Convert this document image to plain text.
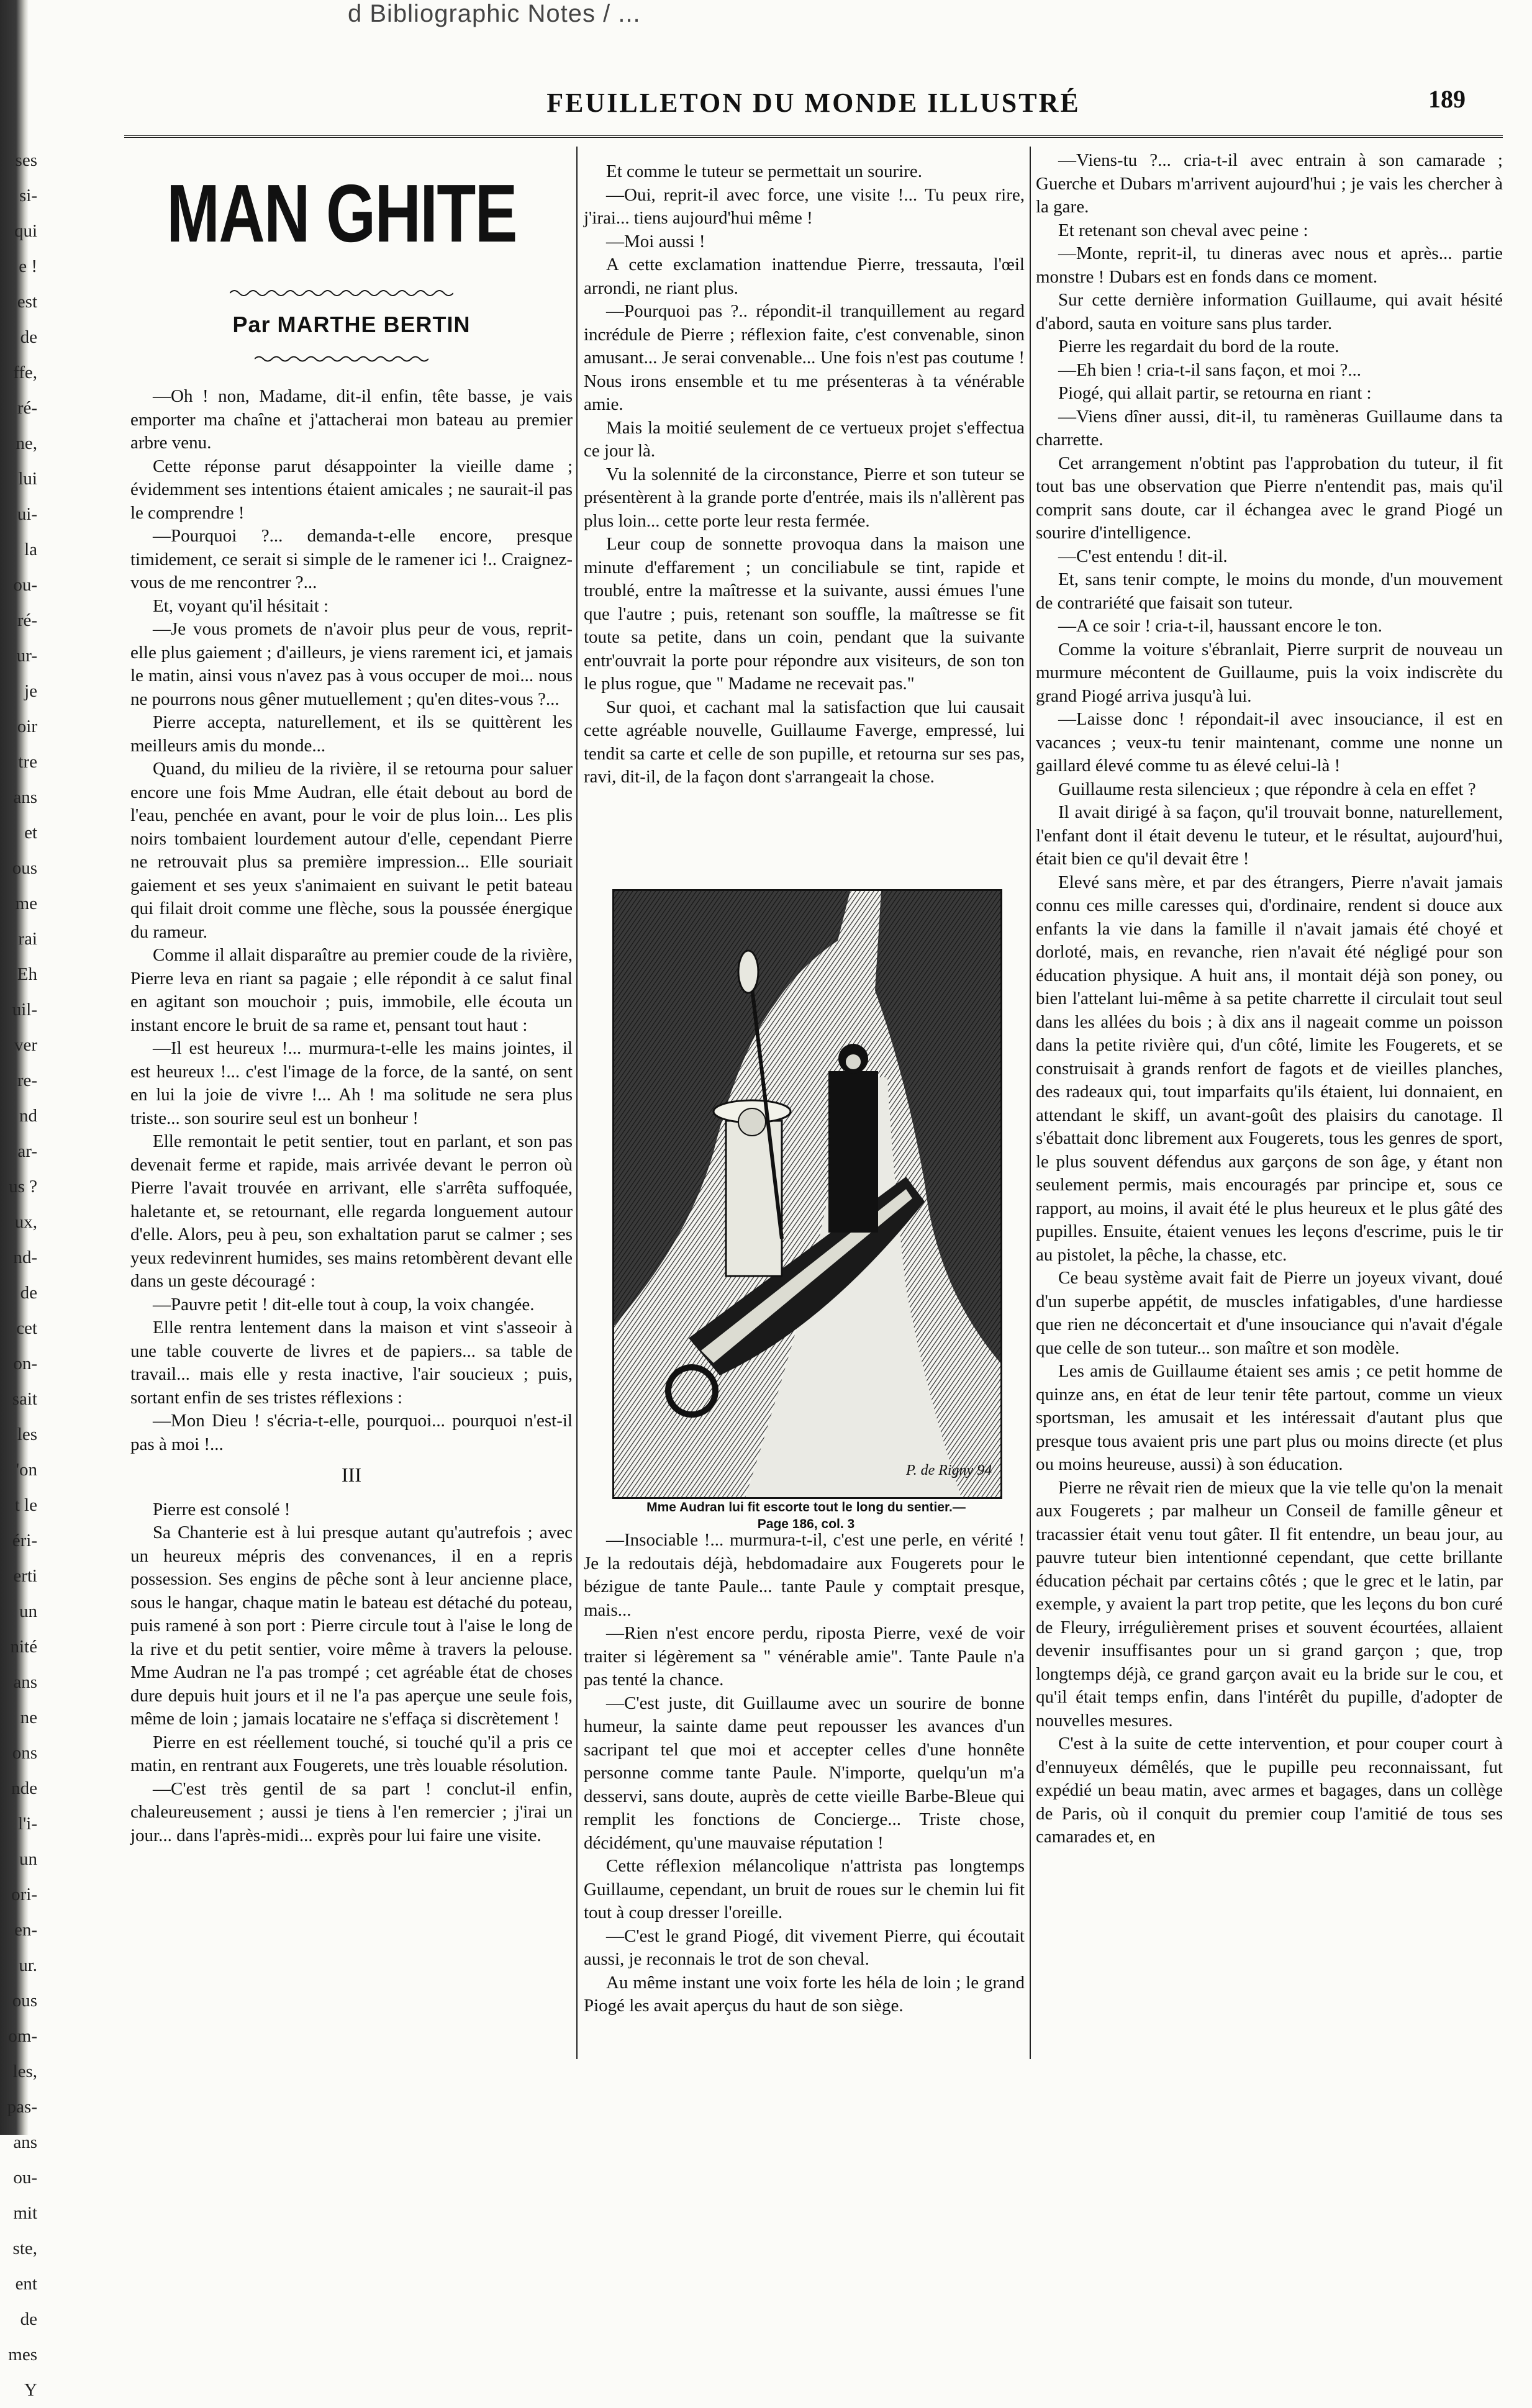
d Bibliographic Notes / ...
ses
si-
qui
e !
est
de
ffe,
ré-
ne,
lui
ui-
la
ou-
ré-
ur-
je
oir
tre
ans
et
ous
me
rai
Eh
uil-
ver
re-
nd
ar-
us ?
ux,
nd-
de
cet
on-
sait
les
'on
t le
éri-
erti
un
nité
ans
ne
ons
nde
l'i-
un
ori-
en-
ur.
ous
om-
les,
pas-
ans
ou-
mit
ste,
ent
de
mes
Y
FEUILLETON DU MONDE ILLUSTRÉ	189
MAN GHITE
Par MARTHE BERTIN

—Oh ! non, Madame, dit-il enfin, tête basse, je vais emporter ma chaîne et j'attacherai mon bateau au premier arbre venu.

Cette réponse parut désappointer la vieille dame ; évidemment ses intentions étaient amicales ; ne saurait-il pas le comprendre !

—Pourquoi ?... demanda-t-elle encore, presque timidement, ce serait si simple de le ramener ici !.. Craignez-vous de me rencontrer ?...

Et, voyant qu'il hésitait :

—Je vous promets de n'avoir plus peur de vous, reprit-elle plus gaiement ; d'ailleurs, je viens rarement ici, et jamais le matin, ainsi vous n'avez pas à vous occuper de moi... nous ne pourrons nous gêner mutuellement ; qu'en dites-vous ?...

Pierre accepta, naturellement, et ils se quittèrent les meilleurs amis du monde...

Quand, du milieu de la rivière, il se retourna pour saluer encore une fois Mme Audran, elle était debout au bord de l'eau, penchée en avant, pour le voir de plus loin... Les plis noirs tombaient lourdement autour d'elle, cependant Pierre ne retrouvait plus sa première impression... Elle souriait gaiement et ses yeux s'animaient en suivant le petit bateau qui filait droit comme une flèche, sous la poussée énergique du rameur.

Comme il allait disparaître au premier coude de la rivière, Pierre leva en riant sa pagaie ; elle répondit à ce salut final en agitant son mouchoir ; puis, immobile, elle écouta un instant encore le bruit de sa rame et, pensant tout haut :

—Il est heureux !... murmura-t-elle les mains jointes, il est heureux !... c'est l'image de la force, de la santé, on sent en lui la joie de vivre !... Ah ! ma solitude ne sera plus triste... son sourire seul est un bonheur !

Elle remontait le petit sentier, tout en parlant, et son pas devenait ferme et rapide, mais arrivée devant le perron où Pierre l'avait trouvée en arrivant, elle s'arrêta suffoquée, haletante et, se retournant, elle regarda longuement autour d'elle. Alors, peu à peu, son exhaltation parut se calmer ; ses yeux redevinrent humides, ses mains retombèrent devant elle dans un geste découragé :

—Pauvre petit ! dit-elle tout à coup, la voix changée.

Elle rentra lentement dans la maison et vint s'asseoir à une table couverte de livres et de papiers... sa table de travail... mais elle y resta inactive, l'air soucieux ; puis, sortant enfin de ses tristes réflexions :

—Mon Dieu ! s'écria-t-elle, pourquoi... pourquoi n'est-il pas à moi !...

III

Pierre est consolé !

Sa Chanterie est à lui presque autant qu'autrefois ; avec un heureux mépris des convenances, il en a repris possession. Ses engins de pêche sont à leur ancienne place, sous le hangar, chaque matin le bateau est détaché du poteau, puis ramené à son port : Pierre circule tout à l'aise le long de la rive et du petit sentier, voire même à travers la pelouse. Mme Audran ne l'a pas trompé ; cet agréable état de choses dure depuis huit jours et il ne l'a pas aperçue une seule fois, même de loin ; jamais locataire ne s'effaça si discrètement !

Pierre en est réellement touché, si touché qu'il a pris ce matin, en rentrant aux Fougerets, une très louable résolution.

—C'est très gentil de sa part ! conclut-il enfin, chaleureusement ; aussi je tiens à l'en remercier ; j'irai un jour... dans l'après-midi... exprès pour lui faire une visite.

Et comme le tuteur se permettait un sourire.

—Oui, reprit-il avec force, une visite !... Tu peux rire, j'irai... tiens aujourd'hui même !

—Moi aussi !

A cette exclamation inattendue Pierre, tressauta, l'œil arrondi, ne riant plus.

—Pourquoi pas ?.. répondit-il tranquillement au regard incrédule de Pierre ; réflexion faite, c'est convenable, sinon amusant... Je serai convenable... Une fois n'est pas coutume ! Nous irons ensemble et tu me présenteras à ta vénérable amie.

Mais la moitié seulement de ce vertueux projet s'effectua ce jour là.

Vu la solennité de la circonstance, Pierre et son tuteur se présentèrent à la grande porte d'entrée, mais ils n'allèrent pas plus loin... cette porte leur resta fermée.

Leur coup de sonnette provoqua dans la maison une minute d'effarement ; un conciliabule se tint, rapide et troublé, entre la maîtresse et la suivante, aussi émues l'une que l'autre ; puis, retenant son souffle, la maîtresse se fit toute sa petite, dans un coin, pendant que la suivante entr'ouvrait la porte pour répondre aux visiteurs, de son ton le plus rogue, que " Madame ne recevait pas."

Sur quoi, et cachant mal la satisfaction que lui causait cette agréable nouvelle, Guillaume Faverge, empressé, lui tendit sa carte et celle de son pupille, et retourna sur ses pas, ravi, dit-il, de la façon dont s'arrangeait la chose.

P. de Rigny 94
Mme Audran lui fit escorte tout le long du sentier.—
Page 186, col. 3

—Insociable !... murmura-t-il, c'est une perle, en vérité ! Je la redoutais déjà, hebdomadaire aux Fougerets pour le bézigue de tante Paule... tante Paule y comptait presque, mais...

—Rien n'est encore perdu, riposta Pierre, vexé de voir traiter si légèrement sa " vénérable amie". Tante Paule n'a pas tenté la chance.

—C'est juste, dit Guillaume avec un sourire de bonne humeur, la sainte dame peut repousser les avances d'un sacripant tel que moi et accepter celles d'une honnête personne comme tante Paule. N'importe, quelqu'un m'a desservi, sans doute, auprès de cette vieille Barbe-Bleue qui remplit les fonctions de Concierge... Triste chose, décidément, qu'une mauvaise réputation !

Cette réflexion mélancolique n'attrista pas longtemps Guillaume, cependant, un bruit de roues sur le chemin lui fit tout à coup dresser l'oreille.

—C'est le grand Piogé, dit vivement Pierre, qui écoutait aussi, je reconnais le trot de son cheval.

Au même instant une voix forte les héla de loin ; le grand Piogé les avait aperçus du haut de son siège.

—Viens-tu ?... cria-t-il avec entrain à son camarade ; Guerche et Dubars m'arrivent aujourd'hui ; je vais les chercher à la gare.

Et retenant son cheval avec peine :

—Monte, reprit-il, tu dineras avec nous et après... partie monstre ! Dubars est en fonds dans ce moment.

Sur cette dernière information Guillaume, qui avait hésité d'abord, sauta en voiture sans plus tarder.

Pierre les regardait du bord de la route.

—Eh bien ! cria-t-il sans façon, et moi ?...

Piogé, qui allait partir, se retourna en riant :

—Viens dîner aussi, dit-il, tu ramèneras Guillaume dans ta charrette.

Cet arrangement n'obtint pas l'approbation du tuteur, il fit tout bas une observation que Pierre n'entendit pas, mais qu'il comprit sans doute, car il échangea avec le grand Piogé un sourire d'intelligence.

—C'est entendu ! dit-il.

Et, sans tenir compte, le moins du monde, d'un mouvement de contrariété que faisait son tuteur.

—A ce soir ! cria-t-il, haussant encore le ton.

Comme la voiture s'ébranlait, Pierre surprit de nouveau un murmure mécontent de Guillaume, puis la voix indiscrète du grand Piogé arriva jusqu'à lui.

—Laisse donc ! répondait-il avec insouciance, il est en vacances ; veux-tu tenir maintenant, comme une nonne un gaillard élevé comme tu as élevé celui-là !

Guillaume resta silencieux ; que répondre à cela en effet ?

Il avait dirigé à sa façon, qu'il trouvait bonne, naturellement, l'enfant dont il était devenu le tuteur, et le résultat, aujourd'hui, était bien ce qu'il devait être !

Elevé sans mère, et par des étrangers, Pierre n'avait jamais connu ces mille caresses qui, d'ordinaire, rendent si douce aux enfants la vie dans la famille il n'avait jamais été choyé et dorloté, mais, en revanche, rien n'avait été négligé pour son éducation physique. A huit ans, il montait déjà son poney, ou bien l'attelant lui-même à sa petite charrette il circulait tout seul dans les allées du bois ; à dix ans il nageait comme un poisson dans la petite rivière qui, d'un côté, limite les Fougerets, et se construisait à grands renfort de fagots et de vieilles planches, des radeaux qui, tout imparfaits qu'ils étaient, lui donnaient, en attendant le skiff, un avant-goût des plaisirs du canotage. Il s'ébattait donc librement aux Fougerets, tous les genres de sport, le plus souvent défendus aux garçons de son âge, y étant non seulement permis, mais encouragés par principe et, sous ce rapport, au moins, il avait été le plus heureux et le plus gâté des pupilles. Ensuite, étaient venues les leçons d'escrime, puis le tir au pistolet, la pêche, la chasse, etc.

Ce beau système avait fait de Pierre un joyeux vivant, doué d'un superbe appétit, de muscles infatigables, d'une hardiesse que rien ne déconcertait et d'une insouciance qui n'avait d'égale que celle de son tuteur... son maître et son modèle.

Les amis de Guillaume étaient ses amis ; ce petit homme de quinze ans, en état de leur tenir tête partout, comme un vieux sportsman, les amusait et les intéressait d'autant plus que presque tous avaient pris une part plus ou moins directe (et plus ou moins heureuse, aussi) à son éducation.

Pierre ne rêvait rien de mieux que la vie telle qu'on la menait aux Fougerets ; par malheur un Conseil de famille gêneur et tracassier était venu tout gâter. Il fit entendre, un beau jour, au pauvre tuteur bien intentionné cependant, que cette brillante éducation péchait par certains côtés ; que le grec et le latin, par exemple, y avaient la part trop petite, que les leçons du bon curé de Fleury, irrégulièrement prises et souvent écourtées, allaient devenir insuffisantes pour un si grand garçon ; que, trop longtemps déjà, ce grand garçon avait eu la bride sur le cou, et qu'il était temps enfin, dans l'intérêt du pupille, d'adopter de nouvelles mesures.

C'est à la suite de cette intervention, et pour couper court à d'ennuyeux démêlés, que le pupille peu reconnaissant, fut expédié un beau matin, avec armes et bagages, dans un collège de Paris, où il conquit du premier coup l'amitié de tous ses camarades et, en
